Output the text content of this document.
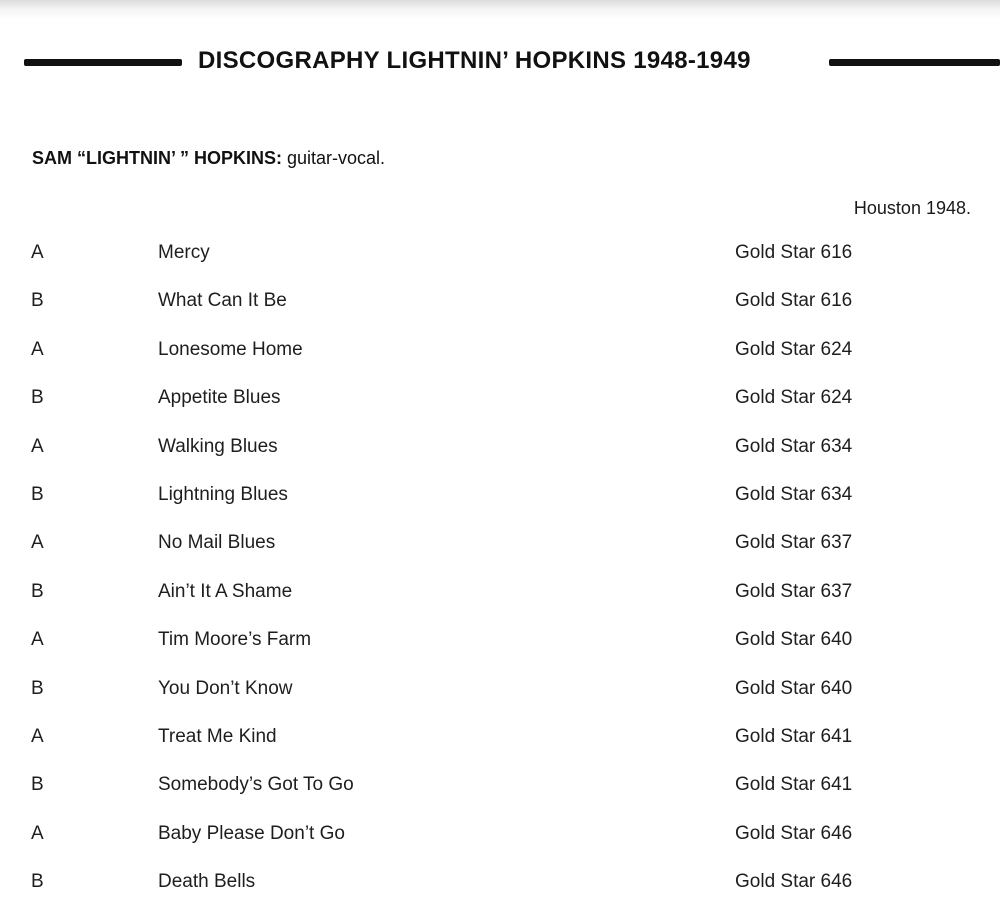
DISCOGRAPHY LIGHTNIN’ HOPKINS 1948-1949
SAM “LIGHTNIN’ ” HOPKINS: guitar-vocal.
Houston 1948.
A	Mercy	Gold Star 616
B	What Can It Be	Gold Star 616
A	Lonesome Home	Gold Star 624
B	Appetite Blues	Gold Star 624
A	Walking Blues	Gold Star 634
B	Lightning Blues	Gold Star 634
A	No Mail Blues	Gold Star 637
B	Ain’t It A Shame	Gold Star 637
A	Tim Moore’s Farm	Gold Star 640
B	You Don’t Know	Gold Star 640
A	Treat Me Kind	Gold Star 641
B	Somebody’s Got To Go	Gold Star 641
A	Baby Please Don’t Go	Gold Star 646
B	Death Bells	Gold Star 646
